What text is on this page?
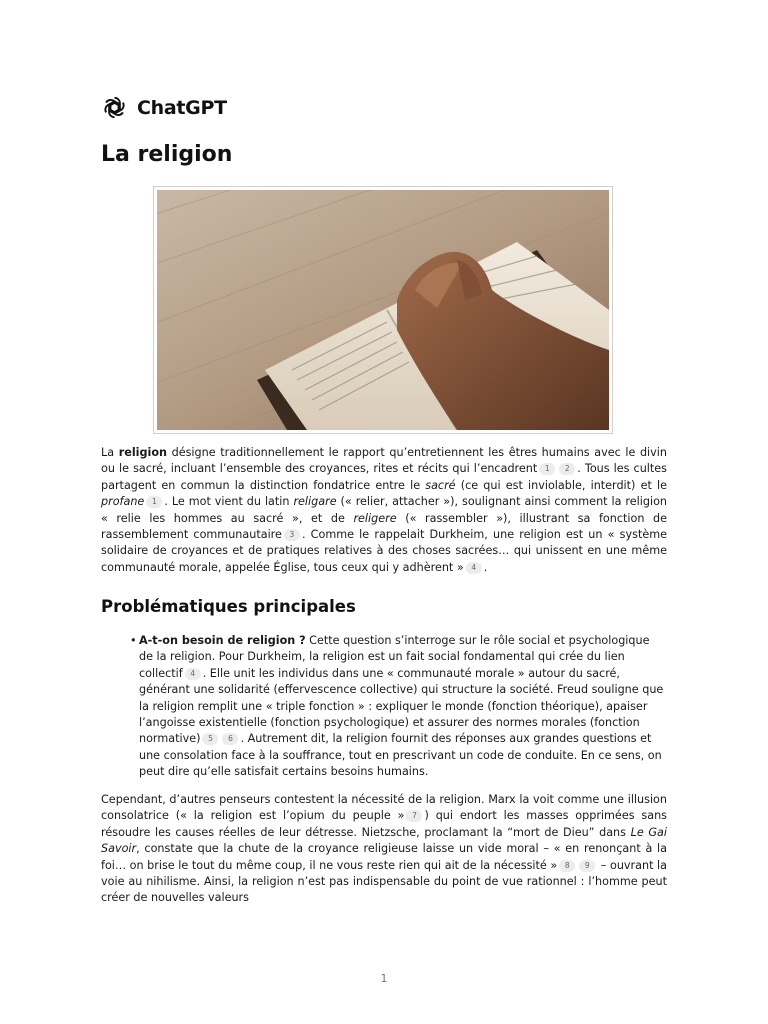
ChatGPT
La religion

La religion désigne traditionnellement le rapport qu’entretiennent les êtres humains avec le divin ou le sacré, incluant l’ensemble des croyances, rites et récits qui l’encadrent 1 2 . Tous les cultes partagent en commun la distinction fondatrice entre le sacré (ce qui est inviolable, interdit) et le profane 1 . Le mot vient du latin religare (« relier, attacher »), soulignant ainsi comment la religion « relie les hommes au sacré », et de religere (« rassembler »), illustrant sa fonction de rassemblement communautaire 3 . Comme le rappelait Durkheim, une religion est un « système solidaire de croyances et de pratiques relatives à des choses sacrées… qui unissent en une même communauté morale, appelée Église, tous ceux qui y adhèrent » 4 .

Problématiques principales
• A-t-on besoin de religion ? Cette question s’interroge sur le rôle social et psychologique de la religion. Pour Durkheim, la religion est un fait social fondamental qui crée du lien collectif 4 . Elle unit les individus dans une « communauté morale » autour du sacré, générant une solidarité (effervescence collective) qui structure la société. Freud souligne que la religion remplit une « triple fonction » : expliquer le monde (fonction théorique), apaiser l’angoisse existentielle (fonction psychologique) et assurer des normes morales (fonction normative) 5 6 . Autrement dit, la religion fournit des réponses aux grandes questions et une consolation face à la souffrance, tout en prescrivant un code de conduite. En ce sens, on peut dire qu’elle satisfait certains besoins humains.

Cependant, d’autres penseurs contestent la nécessité de la religion. Marx la voit comme une illusion consolatrice (« la religion est l’opium du peuple » 7 ) qui endort les masses opprimées sans résoudre les causes réelles de leur détresse. Nietzsche, proclamant la “mort de Dieu” dans Le Gai Savoir, constate que la chute de la croyance religieuse laisse un vide moral – « en renonçant à la foi… on brise le tout du même coup, il ne vous reste rien qui ait de la nécessité » 8 9 – ouvrant la voie au nihilisme. Ainsi, la religion n’est pas indispensable du point de vue rationnel : l’homme peut créer de nouvelles valeurs

1
